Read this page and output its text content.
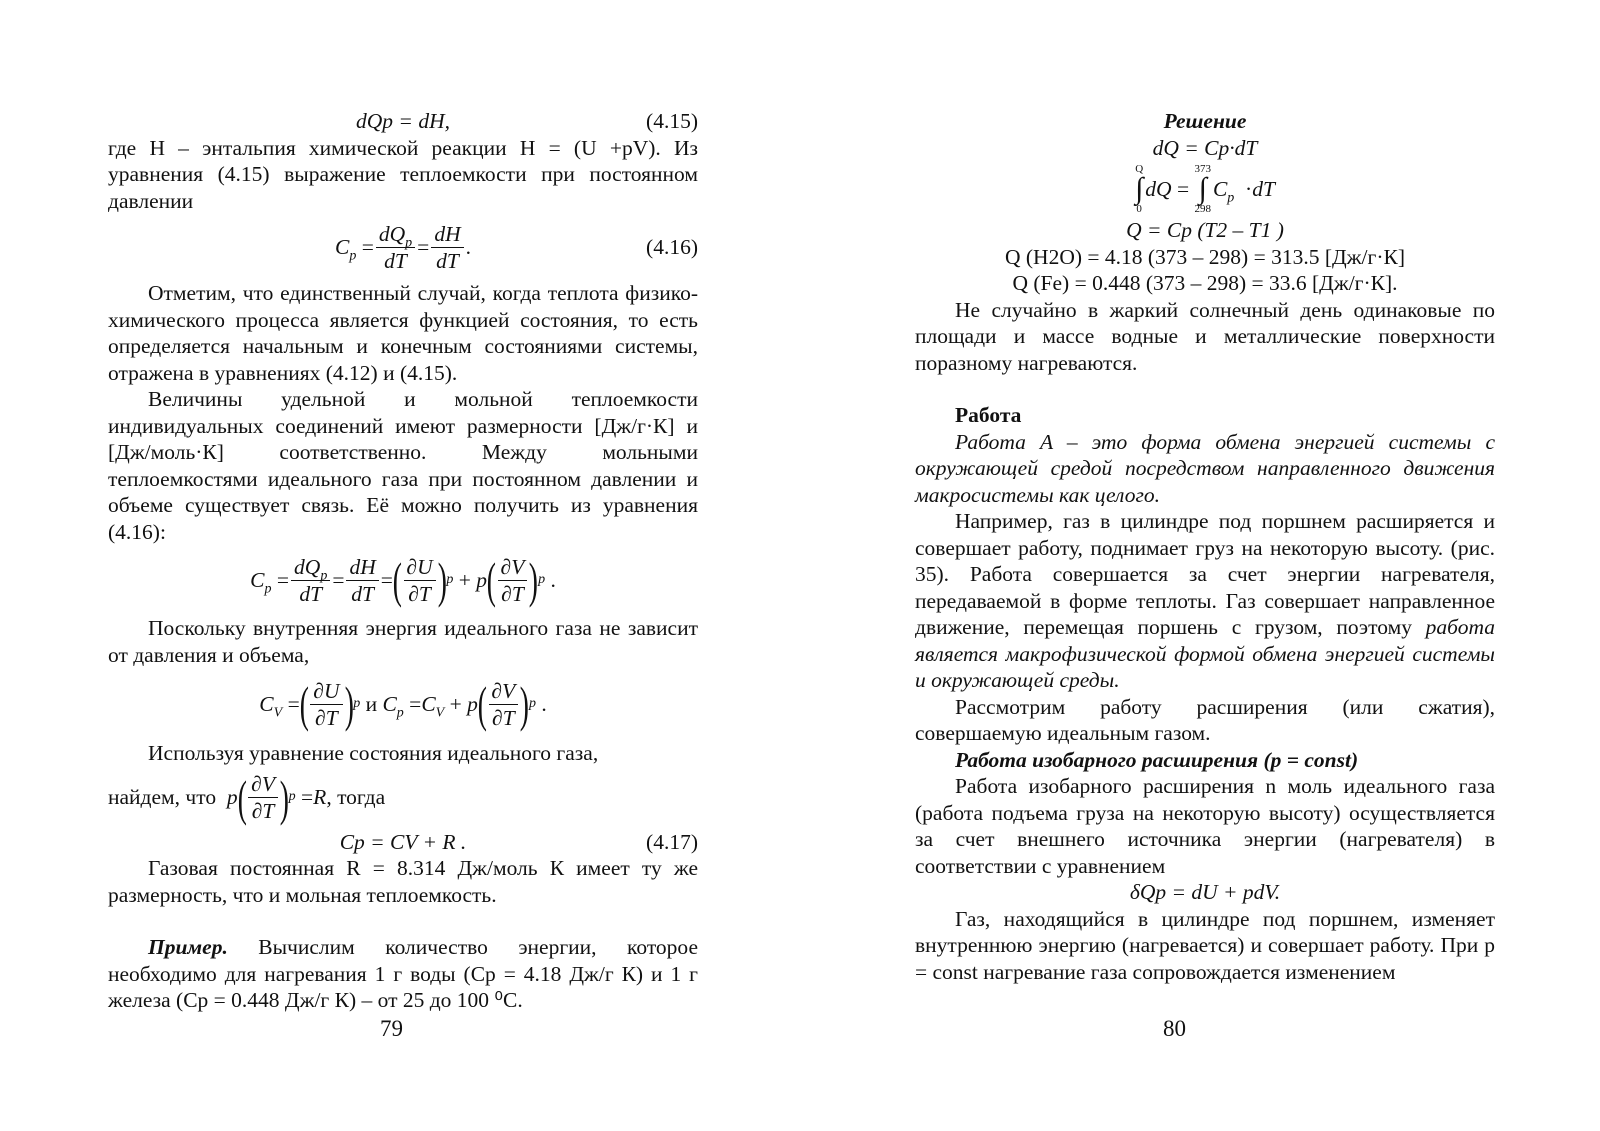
dQp = dH,	(4.15)

где H – энтальпия химической реакции H = (U +pV). Из уравнения (4.15) выражение теплоемкости при постоянном давлении

$C_p = \frac{dQ_p}{dT} = \frac{dH}{dT}$ .	(4.16)

Отметим, что единственный случай, когда теплота физико-химического процесса является функцией состояния, то есть определяется начальным и конечным состояниями системы, отражена в уравнениях (4.12) и (4.15).

Величины удельной и мольной теплоемкости индивидуальных соединений имеют размерности [Дж/г·К] и [Дж/моль·К] соответственно. Между мольными теплоемкостями идеального газа при постоянном давлении и объеме существует связь. Её можно получить из уравнения (4.16):

$C_p = \frac{dQ_p}{dT} = \frac{dH}{dT}$ = ( $\frac{\partial U}{\partial T}$ ) p + p ( $\frac{\partial V}{\partial T}$ ) p .

Поскольку внутренняя энергия идеального газа не зависит от давления и объема,

$C_V$ = ( $\frac{\partial U}{\partial T}$ ) p
и
$C_p = C_V + p$ ( $\frac{\partial V}{\partial T}$ ) p .

Используя уравнение состояния идеального газа,

найдем, что
p ( $\frac{\partial V}{\partial T}$ ) p = R , тогда
Cp = CV + R .	(4.17)

Газовая постоянная R = 8.314 Дж/моль К имеет ту же размерность, что и мольная теплоемкость.

Пример. Вычислим количество энергии, которое необходимо для нагревания 1 г воды (Cp = 4.18 Дж/г К) и 1 г железа (Cp = 0.448 Дж/г К) – от 25 до 100 ⁰С.

79

Решение

dQ = Cp·dT

Q
∫
0
dQ =
373
∫
298
$C_p$ · dT

Q = Cp (T2 – T1 )

Q (H2O) = 4.18 (373 – 298) = 313.5 [Дж/г·К]

Q (Fe) = 0.448 (373 – 298) = 33.6 [Дж/г·К].

Не случайно в жаркий солнечный день одинаковые по площади и массе водные и металлические поверхности поразному нагреваются.

Работа

Работа A – это форма обмена энергией системы с окружающей средой посредством направленного движения макросистемы как целого.

Например, газ в цилиндре под поршнем расширяется и совершает работу, поднимает груз на некоторую высоту. (рис. 35). Работа совершается за счет энергии нагревателя, передаваемой в форме теплоты. Газ совершает направленное движение, перемещая поршень с грузом, поэтому работа является макрофизической формой обмена энергией системы и окружающей среды.

Рассмотрим работу расширения (или сжатия), совершаемую идеальным газом.

Работа изобарного расширения (p = const)

Работа изобарного расширения n моль идеального газа (работа подъема груза на некоторую высоту) осуществляется за счет внешнего источника энергии (нагревателя) в соответствии с уравнением

δQp = dU + pdV.

Газ, находящийся в цилиндре под поршнем, изменяет внутреннюю энергию (нагревается) и совершает работу. При p = const нагревание газа сопровождается изменением

80
